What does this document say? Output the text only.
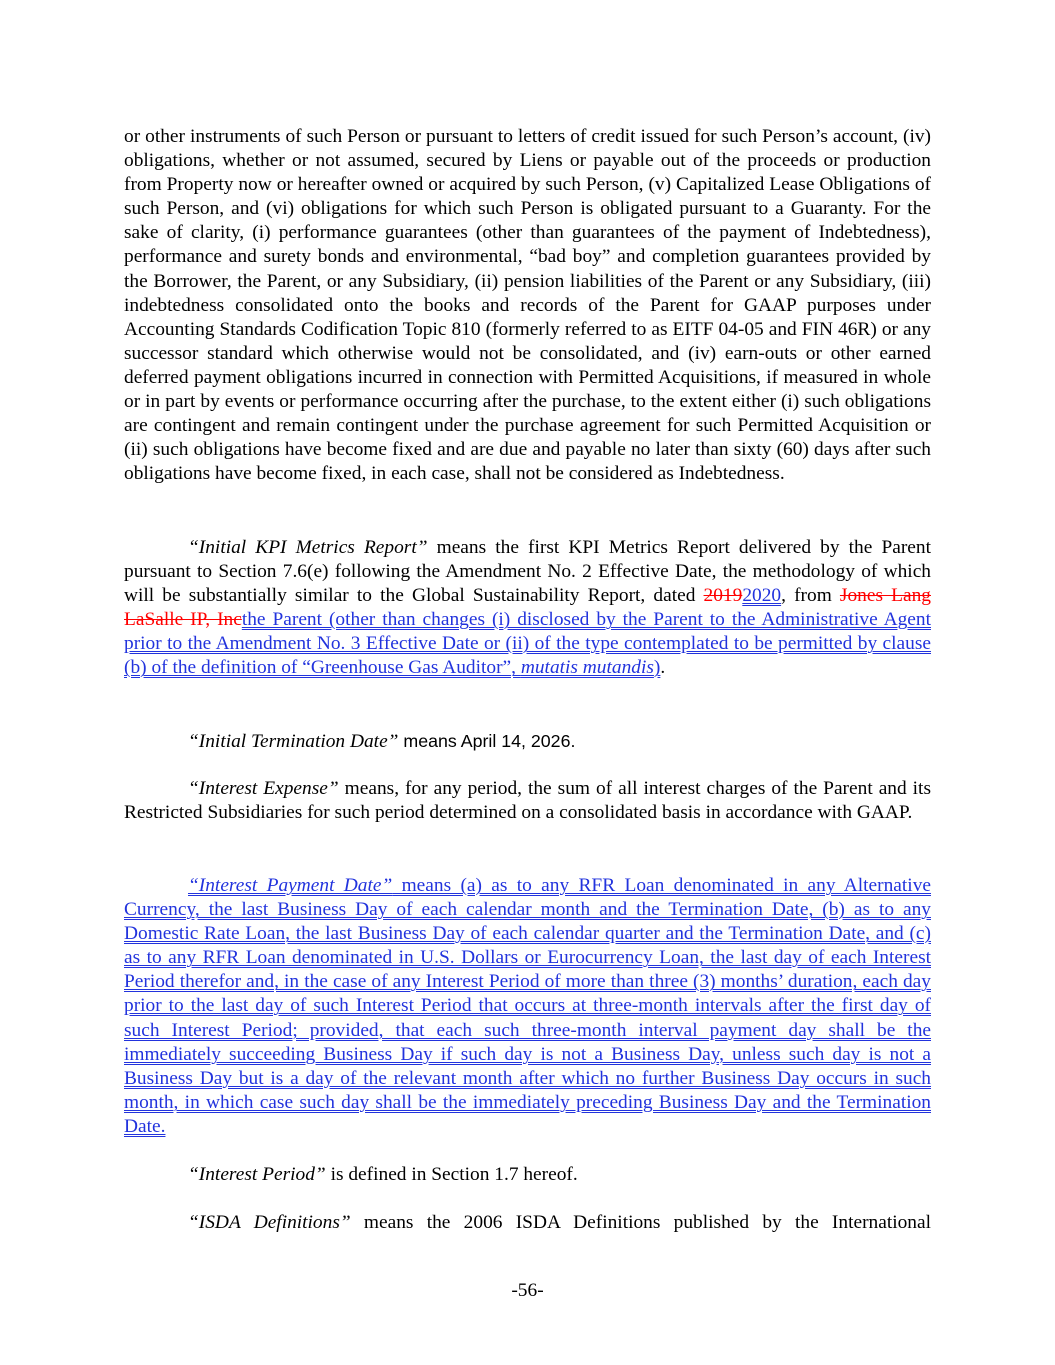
or other instruments of such Person or pursuant to letters of credit issued for such Person’s account, (iv) obligations, whether or not assumed, secured by Liens or payable out of the proceeds or production from Property now or hereafter owned or acquired by such Person, (v) Capitalized Lease Obligations of such Person, and (vi) obligations for which such Person is obligated pursuant to a Guaranty. For the sake of clarity, (i) performance guarantees (other than guarantees of the payment of Indebtedness), performance and surety bonds and environmental, “bad boy” and completion guarantees provided by the Borrower, the Parent, or any Subsidiary, (ii) pension liabilities of the Parent or any Subsidiary, (iii) indebtedness consolidated onto the books and records of the Parent for GAAP purposes under Accounting Standards Codification Topic 810 (formerly referred to as EITF 04-05 and FIN 46R) or any successor standard which otherwise would not be consolidated, and (iv) earn-outs or other earned deferred payment obligations incurred in connection with Permitted Acquisitions, if measured in whole or in part by events or performance occurring after the purchase, to the extent either (i) such obligations are contingent and remain contingent under the purchase agreement for such Permitted Acquisition or (ii) such obligations have become fixed and are due and payable no later than sixty (60) days after such obligations have become fixed, in each case, shall not be considered as Indebtedness.

“Initial KPI Metrics Report” means the first KPI Metrics Report delivered by the Parent pursuant to Section 7.6(e) following the Amendment No. 2 Effective Date, the methodology of which will be substantially similar to the Global Sustainability Report, dated 20192020, from Jones Lang LaSalle IP, Incthe Parent (other than changes (i) disclosed by the Parent to the Administrative Agent prior to the Amendment No. 3 Effective Date or (ii) of the type contemplated to be permitted by clause (b) of the definition of “Greenhouse Gas Auditor”, mutatis mutandis).

“Initial Termination Date” means April 14, 2026.

“Interest Expense” means, for any period, the sum of all interest charges of the Parent and its Restricted Subsidiaries for such period determined on a consolidated basis in accordance with GAAP.

“Interest Payment Date” means (a) as to any RFR Loan denominated in any Alternative Currency, the last Business Day of each calendar month and the Termination Date, (b) as to any Domestic Rate Loan, the last Business Day of each calendar quarter and the Termination Date, and (c) as to any RFR Loan denominated in U.S. Dollars or Eurocurrency Loan, the last day of each Interest Period therefor and, in the case of any Interest Period of more than three (3) months’ duration, each day prior to the last day of such Interest Period that occurs at three-month intervals after the first day of such Interest Period; provided, that each such three-month interval payment day shall be the immediately succeeding Business Day if such day is not a Business Day, unless such day is not a Business Day but is a day of the relevant month after which no further Business Day occurs in such month, in which case such day shall be the immediately preceding Business Day and the Termination Date.

“Interest Period” is defined in Section 1.7 hereof.

“ISDA Definitions” means the 2006 ISDA Definitions published by the International

-56-
